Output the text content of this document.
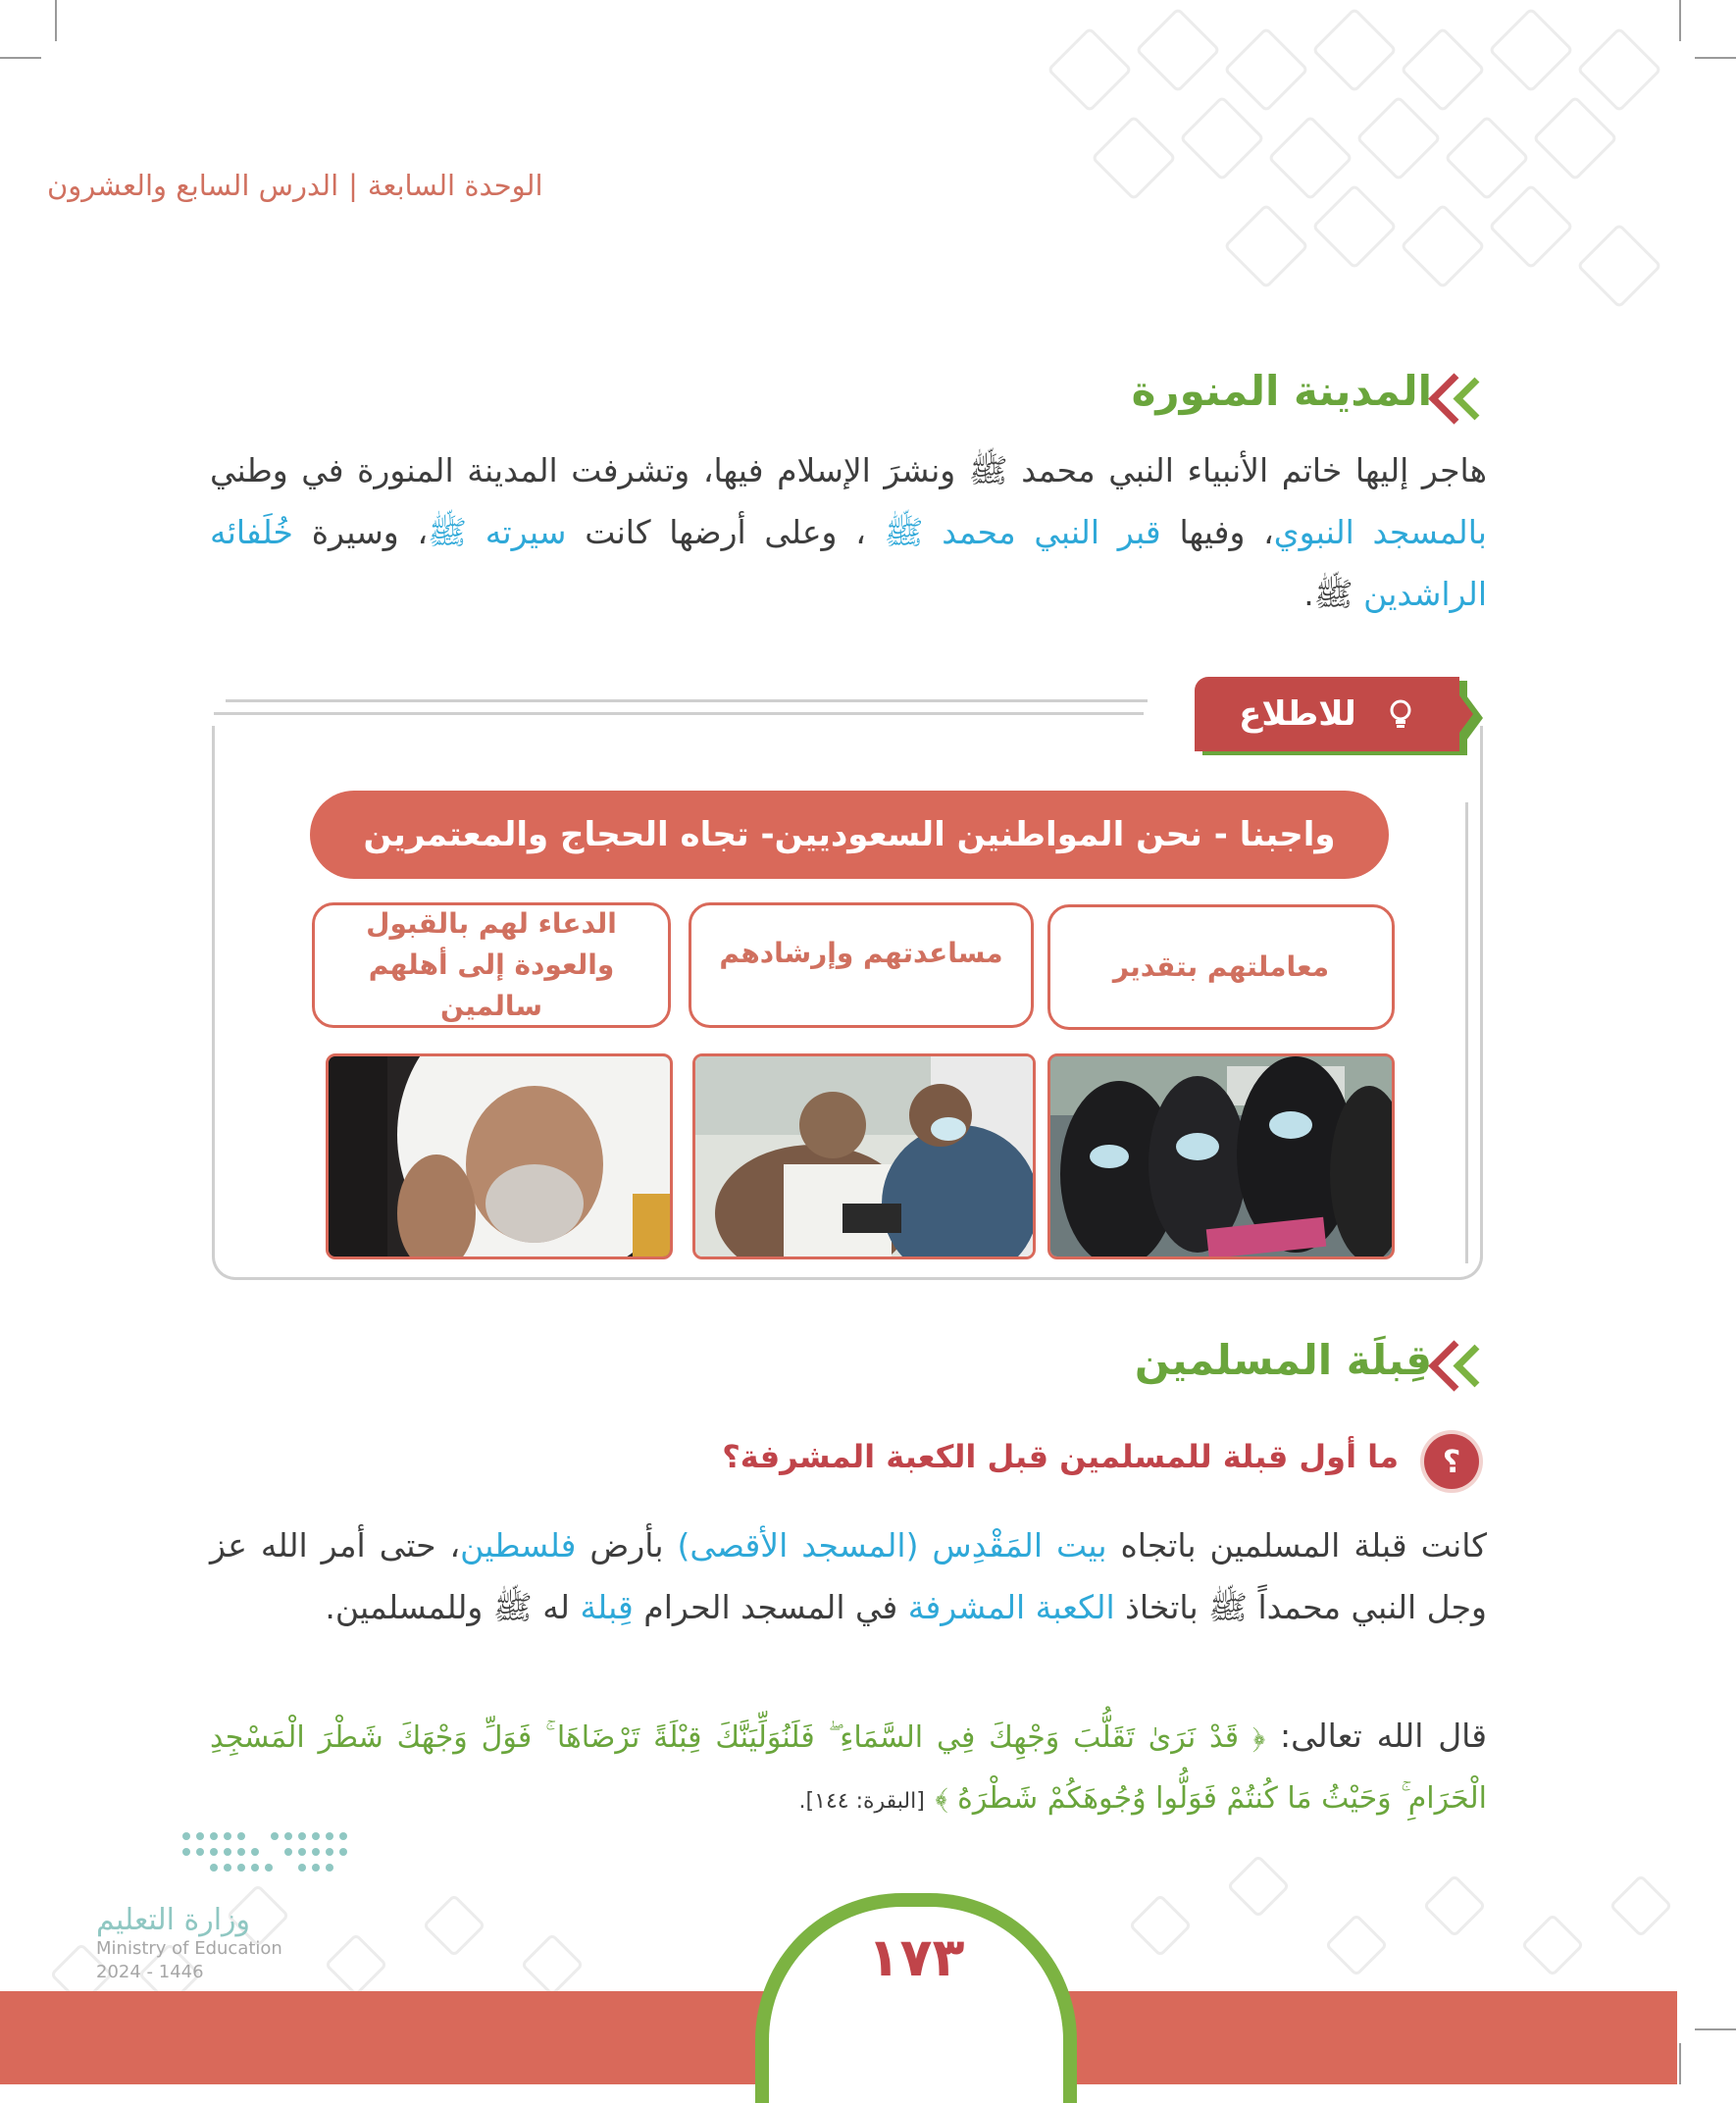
الوحدة السابعة|الدرس السابع والعشرون
المدينة المنورة
هاجر إليها خاتم الأنبياء النبي محمد ﷺ ونشرَ الإسلام فيها، وتشرفت المدينة المنورة في وطني بالمسجد النبوي، وفيها قبر النبي محمد ﷺ ، وعلى أرضها كانت سيرته ﷺ، وسيرة خُلَفائه الراشدين ﷺ.
للاطلاع
واجبنا - نحن المواطنين السعوديين- تجاه الحجاج والمعتمرين
معاملتهم بتقدير
مساعدتهم وإرشادهم
الدعاء لهم بالقبول
والعودة إلى أهلهم سالمين
قِبلَة المسلمين
؟
ما أول قبلة للمسلمين قبل الكعبة المشرفة؟
كانت قبلة المسلمين باتجاه بيت المَقْدِس (المسجد الأقصى) بأرض فلسطين، حتى أمر الله عز وجل النبي محمداً ﷺ باتخاذ الكعبة المشرفة في المسجد الحرام قِبلة له ﷺ وللمسلمين.
قال الله تعالى: ﴿ قَدْ نَرَىٰ تَقَلُّبَ وَجْهِكَ فِي السَّمَاءِ ۖ فَلَنُوَلِّيَنَّكَ قِبْلَةً تَرْضَاهَا ۚ فَوَلِّ وَجْهَكَ شَطْرَ الْمَسْجِدِ الْحَرَامِ ۚ وَحَيْثُ مَا كُنتُمْ فَوَلُّوا وُجُوهَكُمْ شَطْرَهُ ﴾ [البقرة: ١٤٤].
وزارة التعليم
Ministry of Education
2024 - 1446	١٧٣
